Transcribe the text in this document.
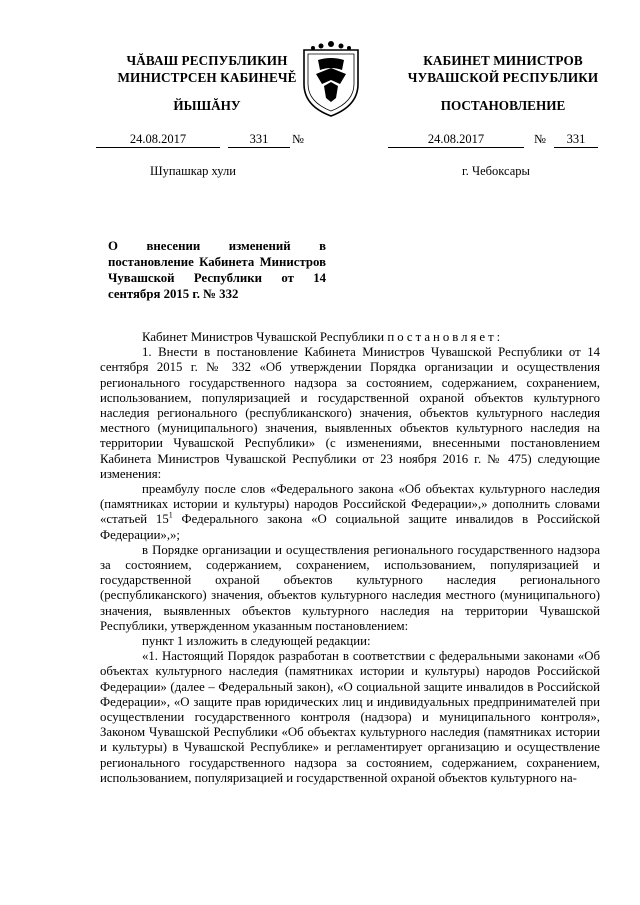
ЧĂВАШ РЕСПУБЛИКИН
МИНИСТРСЕН КАБИНЕЧĚ
ЙЫШĂНУ
КАБИНЕТ МИНИСТРОВ
ЧУВАШСКОЙ РЕСПУБЛИКИ
ПОСТАНОВЛЕНИЕ
24.08.2017	331	№	24.08.2017	№	331
Шупашкар хули	г. Чебоксары
О внесении изменений в постановление Кабинета Министров Чувашской Республики от 14 сентября 2015 г. № 332

Кабинет Министров Чувашской Республики постановляет:

1. Внести в постановление Кабинета Министров Чувашской Республики от 14 сентября 2015 г. № 332 «Об утверждении Порядка организации и осуществления регионального государственного надзора за состоянием, содержанием, сохранением, использованием, популяризацией и государственной охраной объектов культурного наследия регионального (республиканского) значения, объектов культурного наследия местного (муниципального) значения, выявленных объектов культурного наследия на территории Чувашской Республики» (с изменениями, внесенными постановлением Кабинета Министров Чувашской Республики от 23 ноября 2016 г. № 475) следующие изменения:

преамбулу после слов «Федерального закона «Об объектах культурного наследия (памятниках истории и культуры) народов Российской Федерации»,» дополнить словами «статьей $15^1$ Федерального закона «О социальной защите инвалидов в Российской Федерации»,»;

в Порядке организации и осуществления регионального государственного надзора за состоянием, содержанием, сохранением, использованием, популяризацией и государственной охраной объектов культурного наследия регионального (республиканского) значения, объектов культурного наследия местного (муниципального) значения, выявленных объектов культурного наследия на территории Чувашской Республики, утвержденном указанным постановлением:

пункт 1 изложить в следующей редакции:

«1. Настоящий Порядок разработан в соответствии с федеральными законами «Об объектах культурного наследия (памятниках истории и культуры) народов Российской Федерации» (далее – Федеральный закон), «О социальной защите инвалидов в Российской Федерации», «О защите прав юридических лиц и индивидуальных предпринимателей при осуществлении государственного контроля (надзора) и муниципального контроля», Законом Чувашской Республики «Об объектах культурного наследия (памятниках истории и культуры) в Чувашской Республике» и регламентирует организацию и осуществление регионального государственного надзора за состоянием, содержанием, сохранением, использованием, популяризацией и государственной охраной объектов культурного на-
